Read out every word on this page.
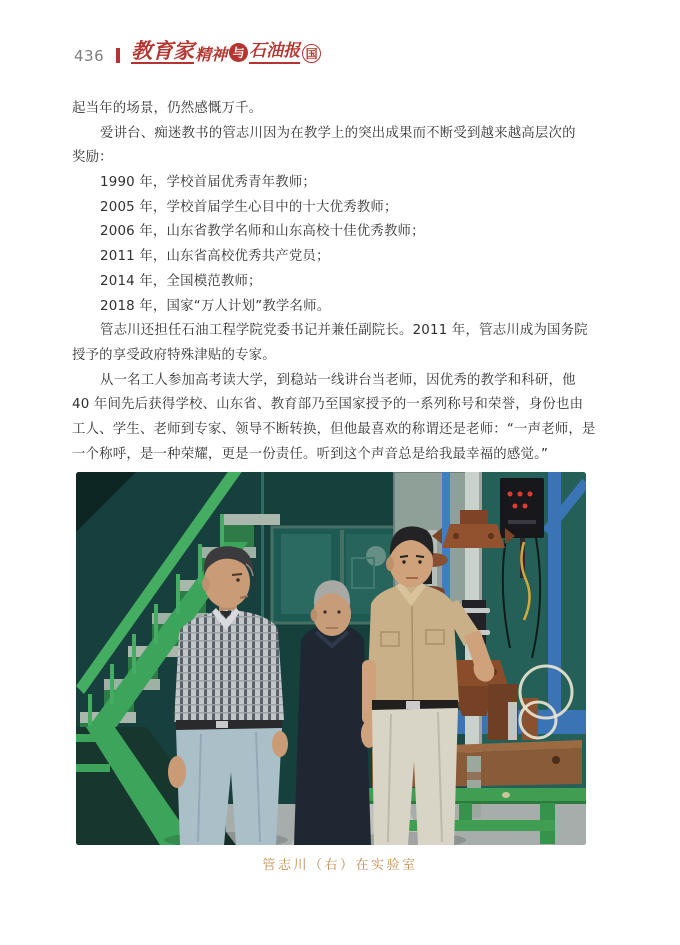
436 教育家 精神 与 石油报 国
起当年的场景，仍然感慨万千。
爱讲台、痴迷教书的管志川因为在教学上的突出成果而不断受到越来越高层次的
奖励：
1990 年，学校首届优秀青年教师；
2005 年，学校首届学生心目中的十大优秀教师；
2006 年，山东省教学名师和山东高校十佳优秀教师；
2011 年，山东省高校优秀共产党员；
2014 年，全国模范教师；
2018 年，国家“万人计划”教学名师。
管志川还担任石油工程学院党委书记并兼任副院长。2011 年，管志川成为国务院
授予的享受政府特殊津贴的专家。
从一名工人参加高考读大学，到稳站一线讲台当老师，因优秀的教学和科研，他
40 年间先后获得学校、山东省、教育部乃至国家授予的一系列称号和荣誉，身份也由
工人、学生、老师到专家、领导不断转换，但他最喜欢的称谓还是老师：“一声老师，是
一个称呼，是一种荣耀，更是一份责任。听到这个声音总是给我最幸福的感觉。”
管志川（右）在实验室
